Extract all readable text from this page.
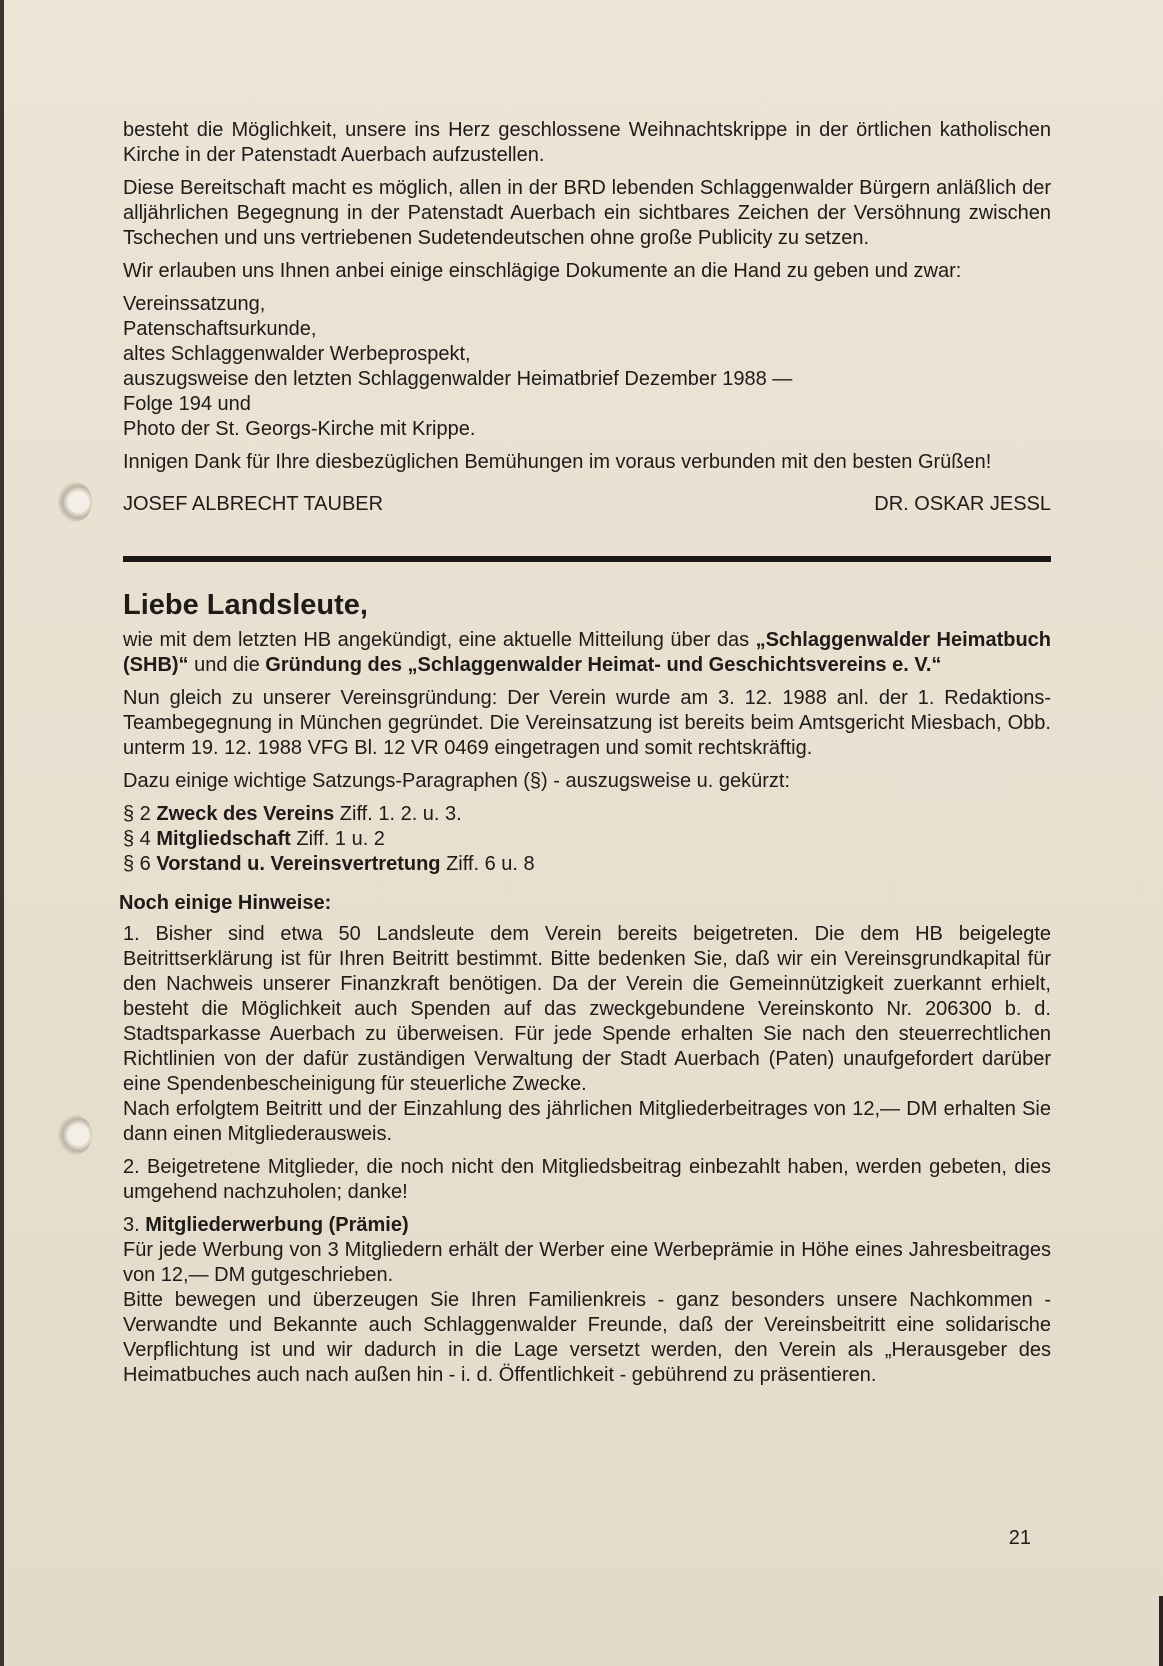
besteht die Möglichkeit, unsere ins Herz geschlossene Weihnachtskrippe in der örtlichen katholischen Kirche in der Patenstadt Auerbach aufzustellen.

Diese Bereitschaft macht es möglich, allen in der BRD lebenden Schlaggenwalder Bürgern anläßlich der alljährlichen Begegnung in der Patenstadt Auerbach ein sichtbares Zeichen der Versöhnung zwischen Tschechen und uns vertriebenen Sudetendeutschen ohne große Publicity zu setzen.

Wir erlauben uns Ihnen anbei einige einschlägige Dokumente an die Hand zu geben und zwar:

Vereinssatzung,

Patenschaftsurkunde,

altes Schlaggenwalder Werbeprospekt,

auszugsweise den letzten Schlaggenwalder Heimatbrief Dezember 1988 —

Folge 194 und

Photo der St. Georgs-Kirche mit Krippe.

Innigen Dank für Ihre diesbezüglichen Bemühungen im voraus verbunden mit den besten Grüßen!

JOSEF ALBRECHT TAUBER	DR. OSKAR JESSL
Liebe Landsleute,

wie mit dem letzten HB angekündigt, eine aktuelle Mitteilung über das „Schlaggenwalder Heimatbuch (SHB)“ und die Gründung des „Schlaggenwalder Heimat- und Geschichtsvereins e. V.“

Nun gleich zu unserer Vereinsgründung: Der Verein wurde am 3. 12. 1988 anl. der 1. Redaktions-Teambegegnung in München gegründet. Die Vereinsatzung ist bereits beim Amtsgericht Miesbach, Obb. unterm 19. 12. 1988 VFG Bl. 12 VR 0469 eingetragen und somit rechtskräftig.

Dazu einige wichtige Satzungs-Paragraphen (§) - auszugsweise u. gekürzt:

§ 2 Zweck des Vereins Ziff. 1. 2. u. 3.

§ 4 Mitgliedschaft Ziff. 1 u. 2

§ 6 Vorstand u. Vereinsvertretung Ziff. 6 u. 8

Noch einige Hinweise:

1. Bisher sind etwa 50 Landsleute dem Verein bereits beigetreten. Die dem HB beigelegte Beitrittserklärung ist für Ihren Beitritt bestimmt. Bitte bedenken Sie, daß wir ein Vereinsgrundkapital für den Nachweis unserer Finanzkraft benötigen. Da der Verein die Gemeinnützigkeit zuerkannt erhielt, besteht die Möglichkeit auch Spenden auf das zweckgebundene Vereinskonto Nr. 206300 b. d. Stadtsparkasse Auerbach zu überweisen. Für jede Spende erhalten Sie nach den steuerrechtlichen Richtlinien von der dafür zuständigen Verwaltung der Stadt Auerbach (Paten) unaufgefordert darüber eine Spendenbescheinigung für steuerliche Zwecke.

Nach erfolgtem Beitritt und der Einzahlung des jährlichen Mitgliederbeitrages von 12,— DM erhalten Sie dann einen Mitgliederausweis.

2. Beigetretene Mitglieder, die noch nicht den Mitgliedsbeitrag einbezahlt haben, werden gebeten, dies umgehend nachzuholen; danke!

3. Mitgliederwerbung (Prämie)

Für jede Werbung von 3 Mitgliedern erhält der Werber eine Werbeprämie in Höhe eines Jahresbeitrages von 12,— DM gutgeschrieben.

Bitte bewegen und überzeugen Sie Ihren Familienkreis - ganz besonders unsere Nachkommen - Verwandte und Bekannte auch Schlaggenwalder Freunde, daß der Vereinsbeitritt eine solidarische Verpflichtung ist und wir dadurch in die Lage versetzt werden, den Verein als „Herausgeber des Heimatbuches auch nach außen hin - i. d. Öffentlichkeit - gebührend zu präsentieren.

21
